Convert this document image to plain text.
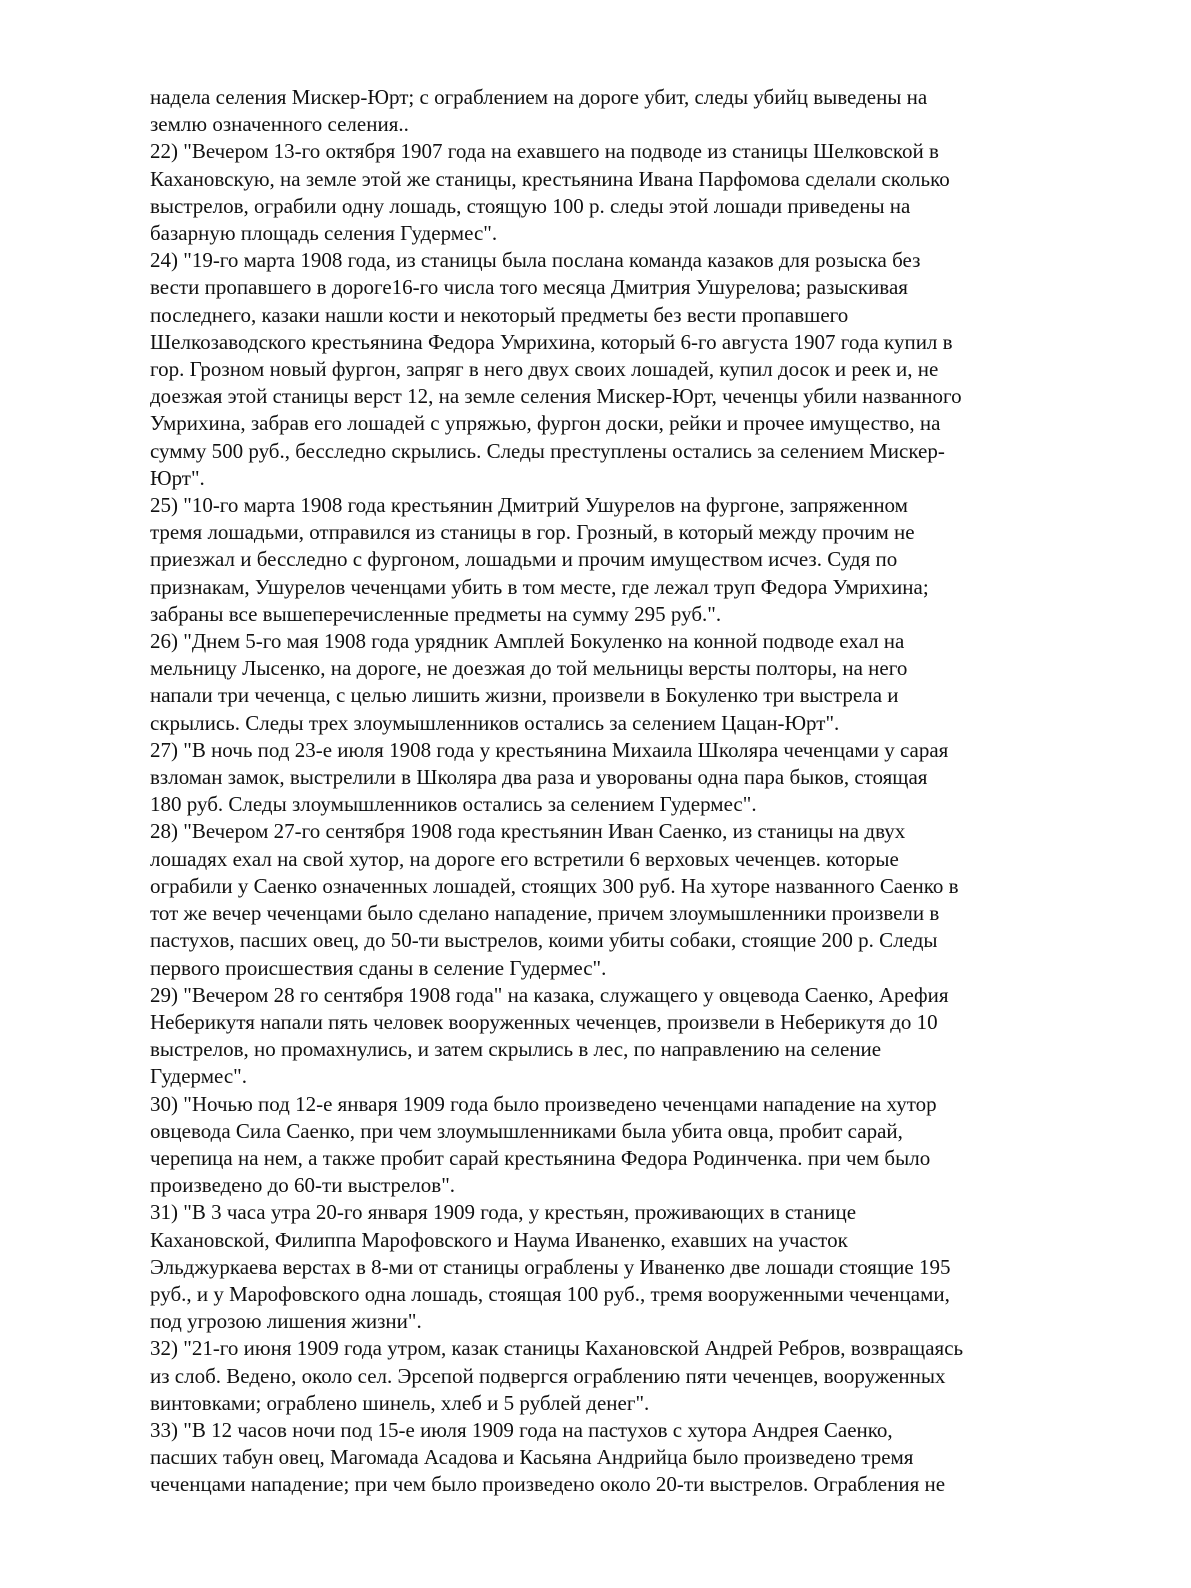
надела селения Мискер-Юрт; с ограблением на дороге убит, следы убийц выведены на
землю означенного селения..
22) "Вечером 13-го октября 1907 года на ехавшего на подводе из станицы Шелковской в
Кахановскую, на земле этой же станицы, крестьянина Ивана Парфомова сделали сколько
выстрелов, ограбили одну лошадь, стоящую 100 р. следы этой лошади приведены на
базарную площадь селения Гудермес".
24) "19-го марта 1908 года, из станицы была послана команда казаков для розыска без
вести пропавшего в дороге16-го числа того месяца Дмитрия Ушурелова; разыскивая
последнего, казаки нашли кости и некоторый предметы без вести пропавшего
Шелкозаводского крестьянина Федора Умрихина, который 6-го августа 1907 года купил в
гор. Грозном новый фургон, запряг в него двух своих лошадей, купил досок и реек и, не
доезжая этой станицы верст 12, на земле селения Мискер-Юрт, чеченцы убили названного
Умрихина, забрав его лошадей с упряжью, фургон доски, рейки и прочее имущество, на
сумму 500 руб., бесследно скрылись. Следы преступлены остались за селением Мискер-
Юрт".
25) "10-го марта 1908 года крестьянин Дмитрий Ушурелов на фургоне, запряженном
тремя лошадьми, отправился из станицы в гор. Грозный, в который между прочим не
приезжал и бесследно с фургоном, лошадьми и прочим имуществом исчез. Судя по
признакам, Ушурелов чеченцами убить в том месте, где лежал труп Федора Умрихина;
забраны все вышеперечисленные предметы на сумму 295 руб.".
26) "Днем 5-го мая 1908 года урядник Амплей Бокуленко на конной подводе ехал на
мельницу Лысенко, на дороге, не доезжая до той мельницы версты полторы, на него
напали три чеченца, с целью лишить жизни, произвели в Бокуленко три выстрела и
скрылись. Следы трех злоумышленников остались за селением Цацан-Юрт".
27) "В ночь под 23-е июля 1908 года у крестьянина Михаила Школяра чеченцами у сарая
взломан замок, выстрелили в Школяра два раза и уворованы одна пара быков, стоящая
180 руб. Следы злоумышленников остались за селением Гудермес".
28) "Вечером 27-го сентября 1908 года крестьянин Иван Саенко, из станицы на двух
лошадях ехал на свой хутор, на дороге его встретили 6 верховых чеченцев. которые
ограбили у Саенко означенных лошадей, стоящих 300 руб. На хуторе названного Саенко в
тот же вечер чеченцами было сделано нападение, причем злоумышленники произвели в
пастухов, пасших овец, до 50-ти выстрелов, коими убиты собаки, стоящие 200 р. Следы
первого происшествия сданы в селение Гудермес".
29) "Вечером 28 го сентября 1908 года" на казака, служащего у овцевода Саенко, Арефия
Неберикутя напали пять человек вооруженных чеченцев, произвели в Неберикутя до 10
выстрелов, но промахнулись, и затем скрылись в лес, по направлению на селение
Гудермес".
30) "Ночью под 12-е января 1909 года было произведено чеченцами нападение на хутор
овцевода Сила Саенко, при чем злоумышленниками была убита овца, пробит сарай,
черепица на нем, а также пробит сарай крестьянина Федора Родинченка. при чем было
произведено до 60-ти выстрелов".
31) "В 3 часа утра 20-го января 1909 года, у крестьян, проживающих в станице
Кахановской, Филиппа Марофовского и Наума Иваненко, ехавших на участок
Эльджуркаева верстах в 8-ми от станицы ограблены у Иваненко две лошади стоящие 195
руб., и у Марофовского одна лошадь, стоящая 100 руб., тремя вооруженными чеченцами,
под угрозою лишения жизни".
32) "21-го июня 1909 года утром, казак станицы Кахановской Андрей Ребров, возвращаясь
из слоб. Ведено, около сел. Эрсепой подвергся ограблению пяти чеченцев, вооруженных
винтовками; ограблено шинель, хлеб и 5 рублей денег".
33) "В 12 часов ночи под 15-е июля 1909 года на пастухов с хутора Андрея Саенко,
пасших табун овец, Магомада Асадова и Касьяна Андрийца было произведено тремя
чеченцами нападение; при чем было произведено около 20-ти выстрелов. Ограбления не
